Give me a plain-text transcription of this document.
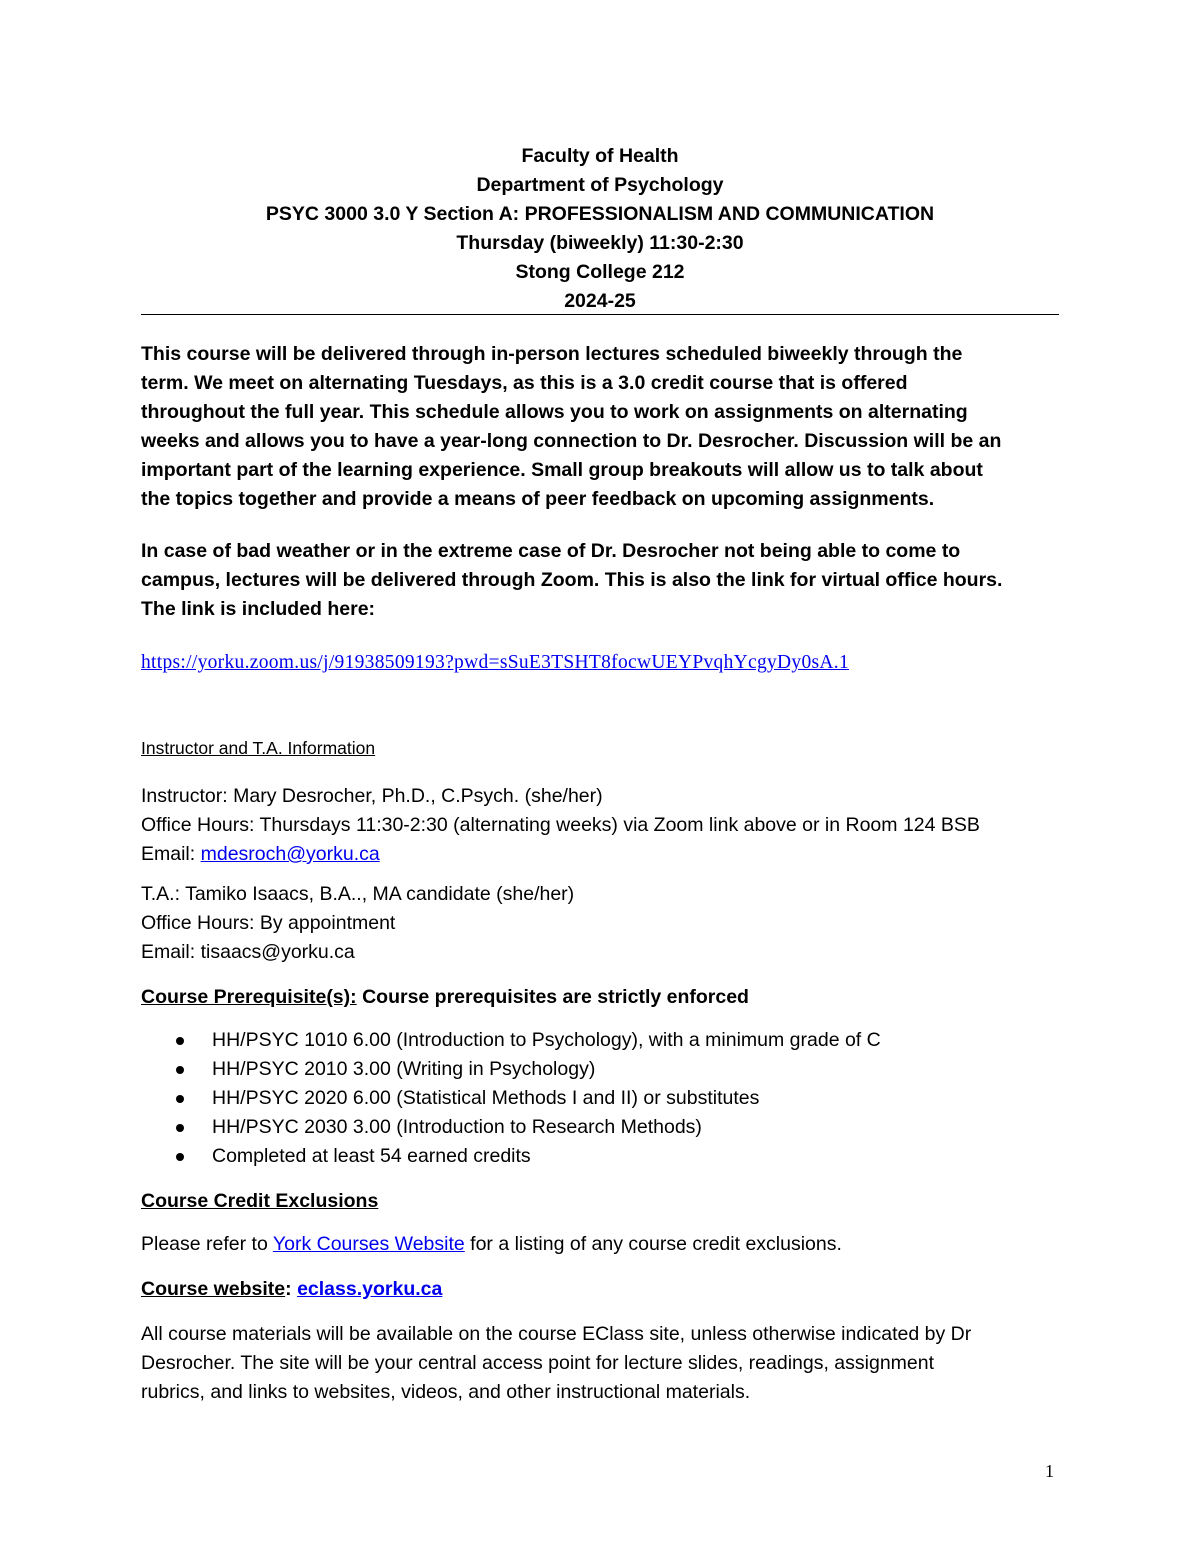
Faculty of Health
Department of Psychology
PSYC 3000 3.0 Y Section A: PROFESSIONALISM AND COMMUNICATION
Thursday (biweekly) 11:30-2:30
Stong College 212
2024-25
This course will be delivered through in-person lectures scheduled biweekly through the
term. We meet on alternating Tuesdays, as this is a 3.0 credit course that is offered
throughout the full year. This schedule allows you to work on assignments on alternating
weeks and allows you to have a year-long connection to Dr. Desrocher. Discussion will be an
important part of the learning experience. Small group breakouts will allow us to talk about
the topics together and provide a means of peer feedback on upcoming assignments.
In case of bad weather or in the extreme case of Dr. Desrocher not being able to come to
campus, lectures will be delivered through Zoom. This is also the link for virtual office hours.
The link is included here:
https://yorku.zoom.us/j/91938509193?pwd=sSuE3TSHT8focwUEYPvqhYcgyDy0sA.1
Instructor and T.A. Information
Instructor: Mary Desrocher, Ph.D., C.Psych. (she/her)
Office Hours: Thursdays 11:30-2:30 (alternating weeks) via Zoom link above or in Room 124 BSB
Email: mdesroch@yorku.ca
T.A.: Tamiko Isaacs, B.A.., MA candidate (she/her)
Office Hours: By appointment
Email: tisaacs@yorku.ca
Course Prerequisite(s): Course prerequisites are strictly enforced
HH/PSYC 1010 6.00 (Introduction to Psychology), with a minimum grade of C
HH/PSYC 2010 3.00 (Writing in Psychology)
HH/PSYC 2020 6.00 (Statistical Methods I and II) or substitutes
HH/PSYC 2030 3.00 (Introduction to Research Methods)
Completed at least 54 earned credits
Course Credit Exclusions
Please refer to York Courses Website for a listing of any course credit exclusions.
Course website: eclass.yorku.ca
All course materials will be available on the course EClass site, unless otherwise indicated by Dr
Desrocher. The site will be your central access point for lecture slides, readings, assignment
rubrics, and links to websites, videos, and other instructional materials.
1
